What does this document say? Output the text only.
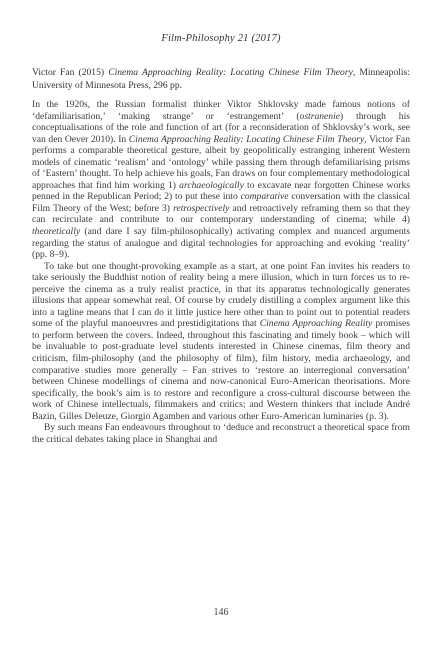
Film-Philosophy 21 (2017)
Victor Fan (2015) Cinema Approaching Reality: Locating Chinese Film Theory, Minneapolis: University of Minnesota Press, 296 pp.

In the 1920s, the Russian formalist thinker Viktor Shklovsky made famous notions of ‘defamiliarisation,’ ‘making strange’ or ‘estrangement’ (ostranenie) through his conceptualisations of the role and function of art (for a reconsideration of Shklovsky’s work, see van den Oever 2010). In Cinema Approaching Reality: Locating Chinese Film Theory, Victor Fan performs a comparable theoretical gesture, albeit by geopolitically estranging inherent Western models of cinematic ‘realism’ and ‘ontology’ while passing them through defamiliarising prisms of ‘Eastern’ thought. To help achieve his goals, Fan draws on four complementary methodological approaches that find him working 1) archaeologically to excavate near forgotten Chinese works penned in the Republican Period; 2) to put these into comparative conversation with the classical Film Theory of the West; before 3) retrospectively and retroactively reframing them so that they can recirculate and contribute to our contemporary understanding of cinema; while 4) theoretically (and dare I say film-philosophically) activating complex and nuanced arguments regarding the status of analogue and digital technologies for approaching and evoking ‘reality’ (pp. 8–9).

To take but one thought-provoking example as a start, at one point Fan invites his readers to take seriously the Buddhist notion of reality being a mere illusion, which in turn forces us to re-perceive the cinema as a truly realist practice, in that its apparatus technologically generates illusions that appear somewhat real. Of course by crudely distilling a complex argument like this into a tagline means that I can do it little justice here other than to point out to potential readers some of the playful manoeuvres and prestidigitations that Cinema Approaching Reality promises to perform between the covers. Indeed, throughout this fascinating and timely book – which will be invaluable to post-graduate level students interested in Chinese cinemas, film theory and criticism, film-philosophy (and the philosophy of film), film history, media archaeology, and comparative studies more generally – Fan strives to ‘restore an interregional conversation’ between Chinese modellings of cinema and now-canonical Euro-American theorisations. More specifically, the book’s aim is to restore and reconfigure a cross-cultural discourse between the work of Chinese intellectuals, filmmakers and critics; and Western thinkers that include André Bazin, Gilles Deleuze, Giorgio Agamben and various other Euro-American luminaries (p. 3).

By such means Fan endeavours throughout to ‘deduce and reconstruct a theoretical space from the critical debates taking place in Shanghai and

146
